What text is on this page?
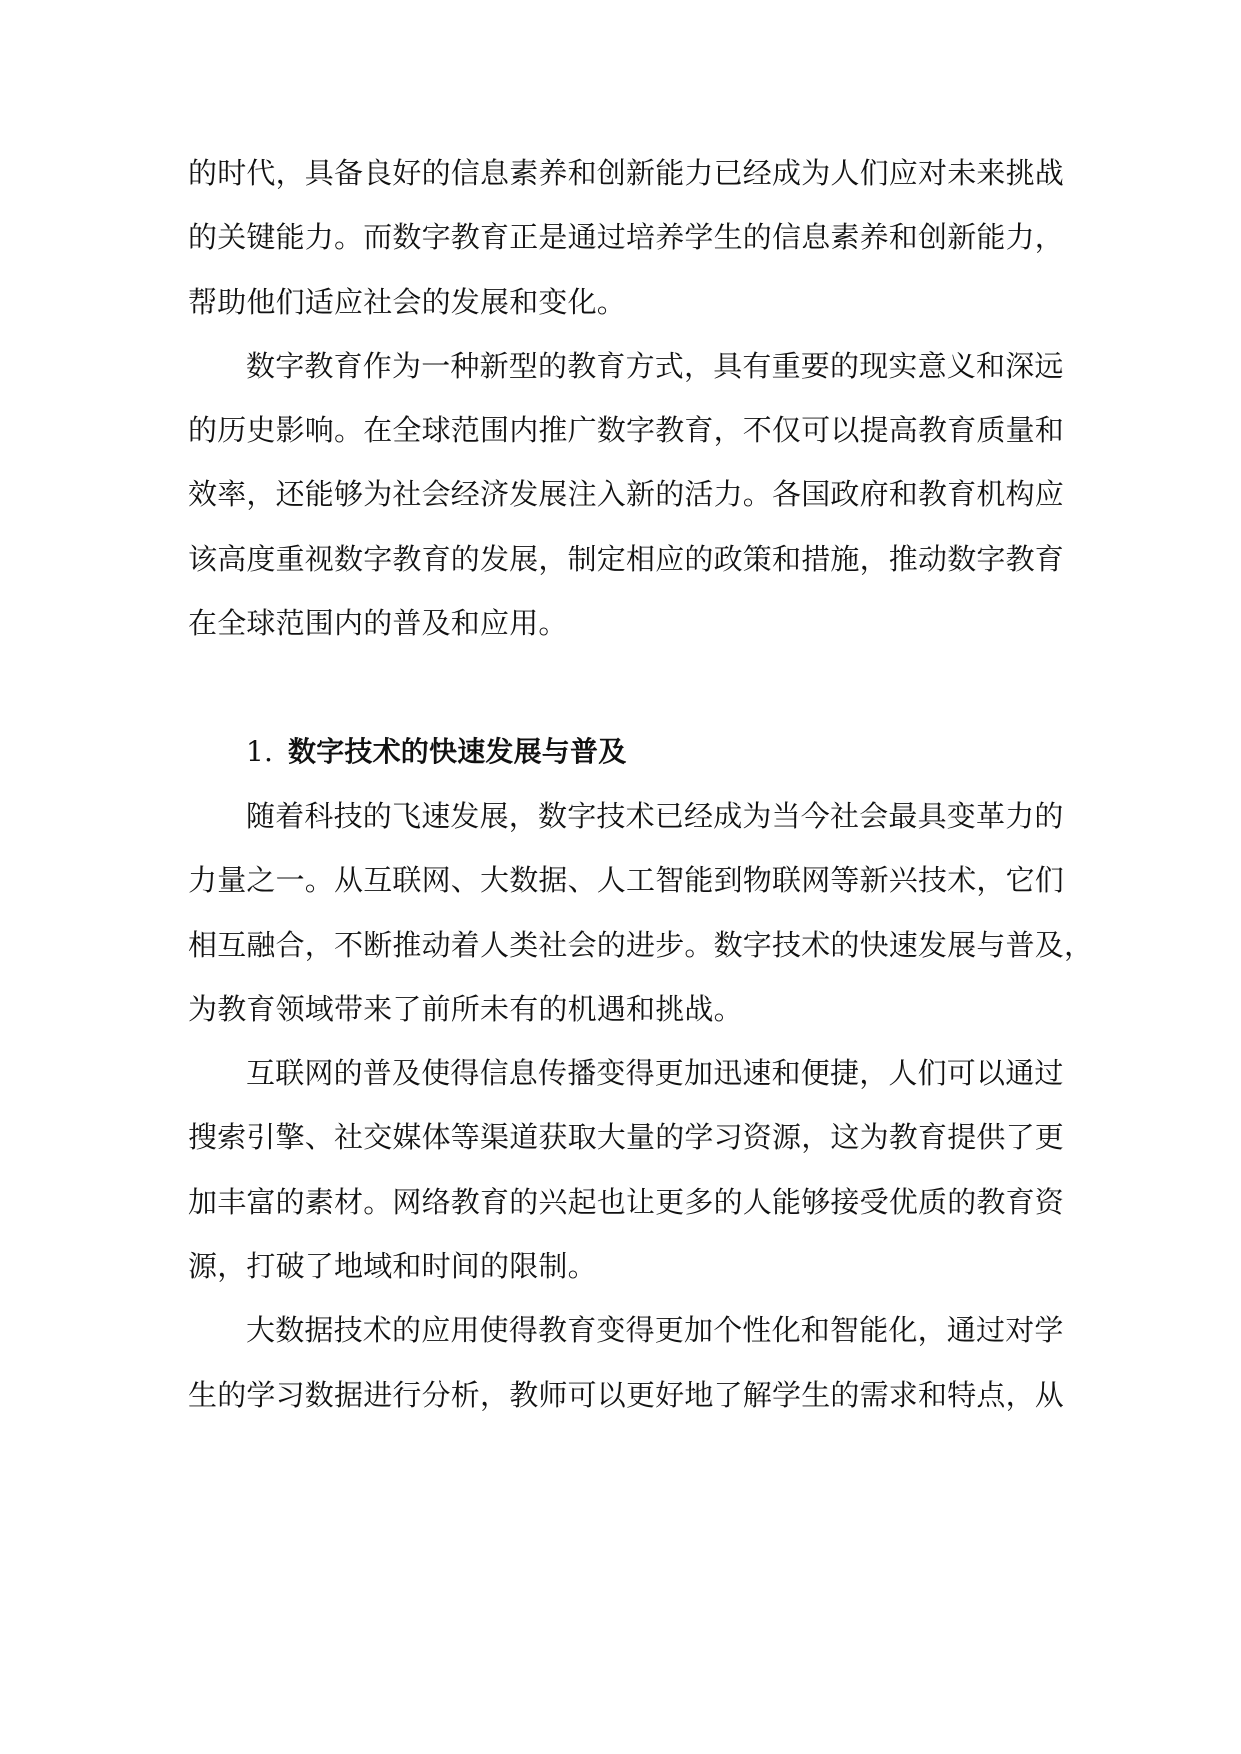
的时代，具备良好的信息素养和创新能力已经成为人们应对未来挑战
的关键能力。而数字教育正是通过培养学生的信息素养和创新能力，
帮助他们适应社会的发展和变化。
数字教育作为一种新型的教育方式，具有重要的现实意义和深远
的历史影响。在全球范围内推广数字教育，不仅可以提高教育质量和
效率，还能够为社会经济发展注入新的活力。各国政府和教育机构应
该高度重视数字教育的发展，制定相应的政策和措施，推动数字教育
在全球范围内的普及和应用。
1. 数字技术的快速发展与普及
随着科技的飞速发展，数字技术已经成为当今社会最具变革力的
力量之一。从互联网、大数据、人工智能到物联网等新兴技术，它们
相互融合，不断推动着人类社会的进步。数字技术的快速发展与普及，
为教育领域带来了前所未有的机遇和挑战。
互联网的普及使得信息传播变得更加迅速和便捷，人们可以通过
搜索引擎、社交媒体等渠道获取大量的学习资源，这为教育提供了更
加丰富的素材。网络教育的兴起也让更多的人能够接受优质的教育资
源，打破了地域和时间的限制。
大数据技术的应用使得教育变得更加个性化和智能化，通过对学
生的学习数据进行分析，教师可以更好地了解学生的需求和特点，从
